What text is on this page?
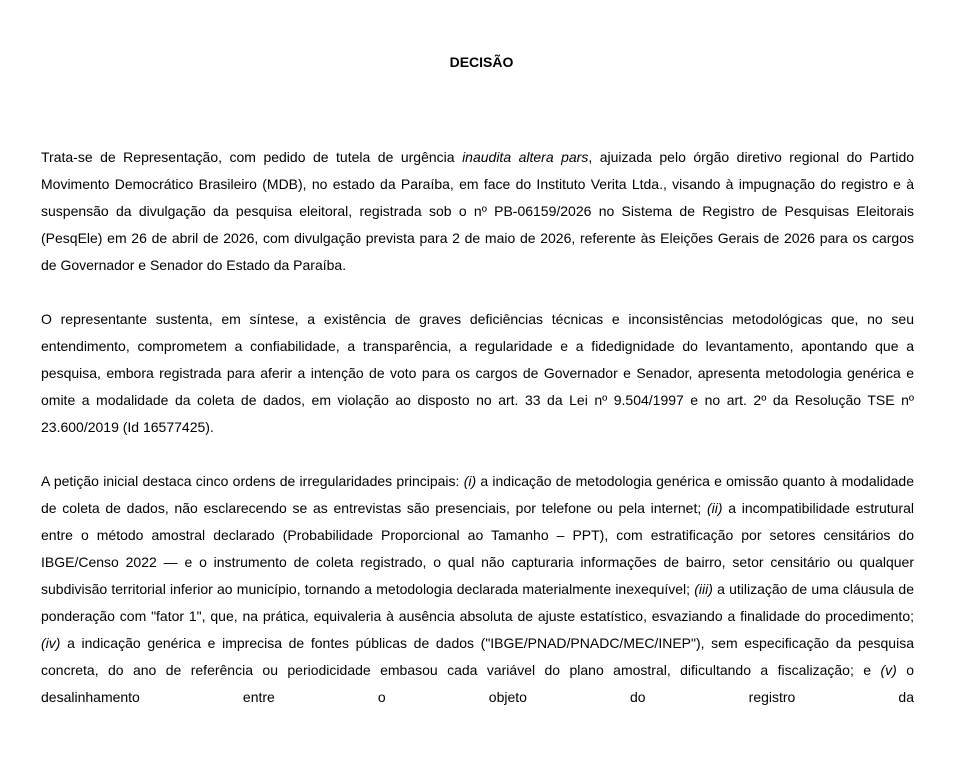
DECISÃO

Trata-se de Representação, com pedido de tutela de urgência inaudita altera pars, ajuizada pelo órgão diretivo regional do Partido Movimento Democrático Brasileiro (MDB), no estado da Paraíba, em face do Instituto Verita Ltda., visando à impugnação do registro e à suspensão da divulgação da pesquisa eleitoral, registrada sob o nº PB-06159/2026 no Sistema de Registro de Pesquisas Eleitorais (PesqEle) em 26 de abril de 2026, com divulgação prevista para 2 de maio de 2026, referente às Eleições Gerais de 2026 para os cargos de Governador e Senador do Estado da Paraíba.

O representante sustenta, em síntese, a existência de graves deficiências técnicas e inconsistências metodológicas que, no seu entendimento, comprometem a confiabilidade, a transparência, a regularidade e a fidedignidade do levantamento, apontando que a pesquisa, embora registrada para aferir a intenção de voto para os cargos de Governador e Senador, apresenta metodologia genérica e omite a modalidade da coleta de dados, em violação ao disposto no art. 33 da Lei nº 9.504/1997 e no art. 2º da Resolução TSE nº 23.600/2019 (Id 16577425).

A petição inicial destaca cinco ordens de irregularidades principais: (i) a indicação de metodologia genérica e omissão quanto à modalidade de coleta de dados, não esclarecendo se as entrevistas são presenciais, por telefone ou pela internet; (ii) a incompatibilidade estrutural entre o método amostral declarado (Probabilidade Proporcional ao Tamanho – PPT), com estratificação por setores censitários do IBGE/Censo 2022 — e o instrumento de coleta registrado, o qual não capturaria informações de bairro, setor censitário ou qualquer subdivisão territorial inferior ao município, tornando a metodologia declarada materialmente inexequível; (iii) a utilização de uma cláusula de ponderação com "fator 1", que, na prática, equivaleria à ausência absoluta de ajuste estatístico, esvaziando a finalidade do procedimento; (iv) a indicação genérica e imprecisa de fontes públicas de dados ("IBGE/PNAD/PNADC/MEC/INEP"), sem especificação da pesquisa concreta, do ano de referência ou periodicidade embasou cada variável do plano amostral, dificultando a fiscalização; e (v) o desalinhamento entre o objeto do registro da
